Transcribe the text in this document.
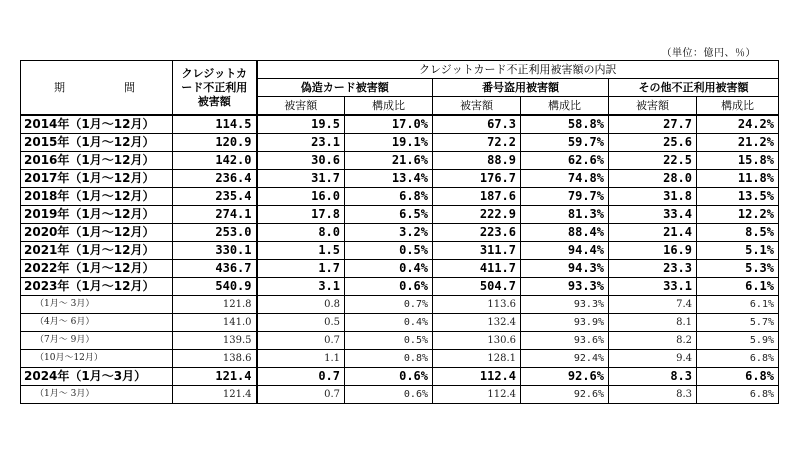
（単位：億円、％）
期　間	クレジットカード不正利用被害額	クレジットカード不正利用被害額の内訳					
		偽造カード被害額		番号盗用被害額		その他不正利用被害額	
		被害額	構成比	被害額	構成比	被害額	構成比
2014年（1月～12月）	114.5	19.5	17.0%	67.3	58.8%	27.7	24.2%
2015年（1月～12月）	120.9	23.1	19.1%	72.2	59.7%	25.6	21.2%
2016年（1月～12月）	142.0	30.6	21.6%	88.9	62.6%	22.5	15.8%
2017年（1月～12月）	236.4	31.7	13.4%	176.7	74.8%	28.0	11.8%
2018年（1月～12月）	235.4	16.0	6.8%	187.6	79.7%	31.8	13.5%
2019年（1月～12月）	274.1	17.8	6.5%	222.9	81.3%	33.4	12.2%
2020年（1月～12月）	253.0	8.0	3.2%	223.6	88.4%	21.4	8.5%
2021年（1月～12月）	330.1	1.5	0.5%	311.7	94.4%	16.9	5.1%
2022年（1月～12月）	436.7	1.7	0.4%	411.7	94.3%	23.3	5.3%
2023年（1月～12月）	540.9	3.1	0.6%	504.7	93.3%	33.1	6.1%
（1月～ 3月）	121.8	0.8	0.7%	113.6	93.3%	7.4	6.1%
（4月～ 6月）	141.0	0.5	0.4%	132.4	93.9%	8.1	5.7%
（7月～ 9月）	139.5	0.7	0.5%	130.6	93.6%	8.2	5.9%
（10月～12月）	138.6	1.1	0.8%	128.1	92.4%	9.4	6.8%
2024年（1月～3月）	121.4	0.7	0.6%	112.4	92.6%	8.3	6.8%
（1月～ 3月）	121.4	0.7	0.6%	112.4	92.6%	8.3	6.8%
